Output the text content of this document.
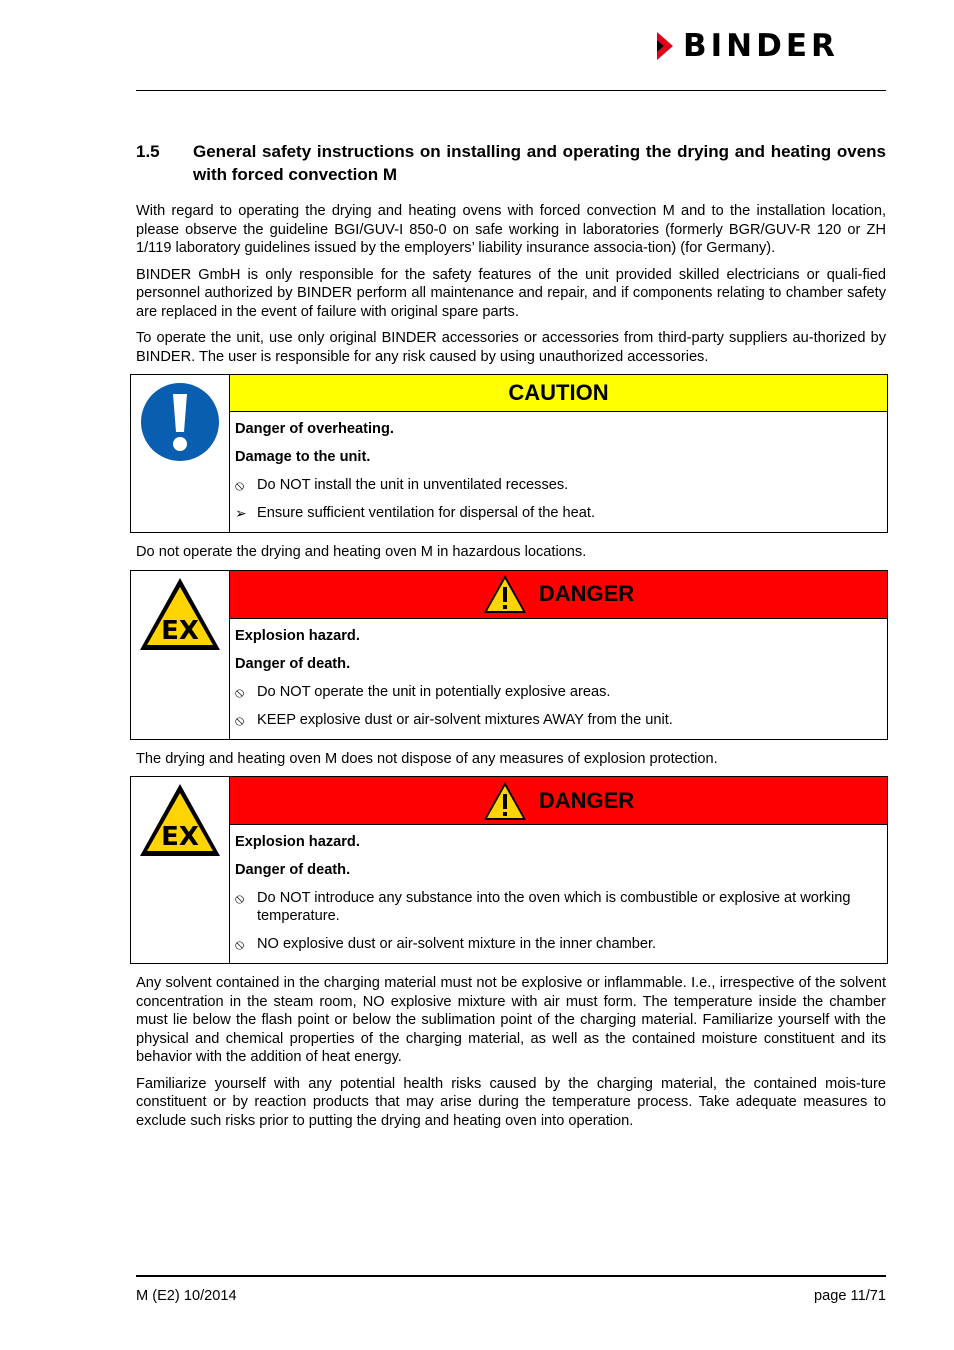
BINDER
1.5	General safety instructions on installing and operating the drying and heating ovens with forced convection M

With regard to operating the drying and heating ovens with forced convection M and to the installation location, please observe the guideline BGI/GUV-I 850-0 on safe working in laboratories (formerly BGR/GUV-R 120 or ZH 1/119 laboratory guidelines issued by the employers’ liability insurance associa-tion) (for Germany).

BINDER GmbH is only responsible for the safety features of the unit provided skilled electricians or quali-fied personnel authorized by BINDER perform all maintenance and repair, and if components relating to chamber safety are replaced in the event of failure with original spare parts.

To operate the unit, use only original BINDER accessories or accessories from third-party suppliers au-thorized by BINDER. The user is responsible for any risk caused by using unauthorized accessories.

CAUTION
Danger of overheating.
Damage to the unit.
⦸ Do NOT install the unit in unventilated recesses.
➢ Ensure sufficient ventilation for dispersal of the heat.

Do not operate the drying and heating oven M in hazardous locations.

EX
DANGER
Explosion hazard.
Danger of death.
⦸ Do NOT operate the unit in potentially explosive areas.
⦸ KEEP explosive dust or air-solvent mixtures AWAY from the unit.

The drying and heating oven M does not dispose of any measures of explosion protection.

EX
DANGER
Explosion hazard.
Danger of death.
⦸ Do NOT introduce any substance into the oven which is combustible or explosive at working temperature.
⦸ NO explosive dust or air-solvent mixture in the inner chamber.

Any solvent contained in the charging material must not be explosive or inflammable. I.e., irrespective of the solvent concentration in the steam room, NO explosive mixture with air must form. The temperature inside the chamber must lie below the flash point or below the sublimation point of the charging material. Familiarize yourself with the physical and chemical properties of the charging material, as well as the contained moisture constituent and its behavior with the addition of heat energy.

Familiarize yourself with any potential health risks caused by the charging material, the contained mois-ture constituent or by reaction products that may arise during the temperature process. Take adequate measures to exclude such risks prior to putting the drying and heating oven into operation.

M (E2) 10/2014	page 11/71
